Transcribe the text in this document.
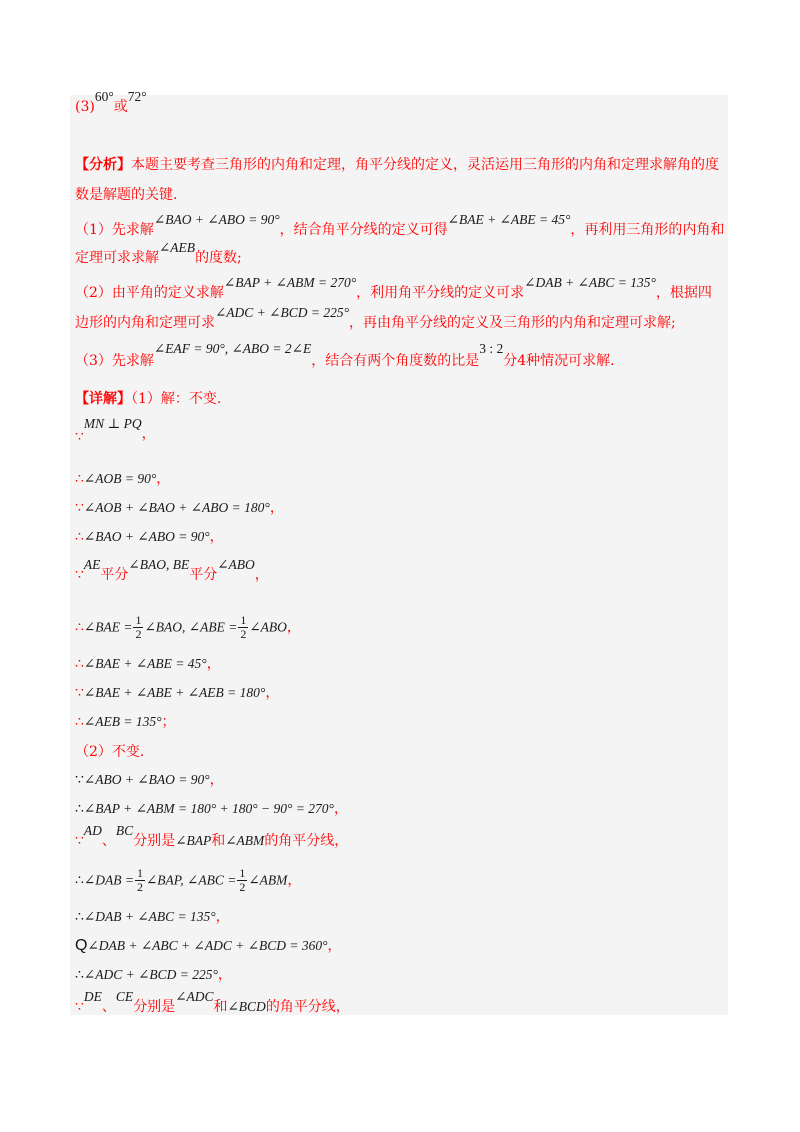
(3)60°或72°
【分析】本题主要考查三角形的内角和定理，角平分线的定义，灵活运用三角形的内角和定理求解角的度
数是解题的关键.
（1）先求解∠BAO + ∠ABO = 90°，结合角平分线的定义可得∠BAE + ∠ABE = 45°，再利用三角形的内角和
定理可求求解∠AEB的度数;
（2）由平角的定义求解∠BAP + ∠ABM = 270°，利用角平分线的定义可求∠DAB + ∠ABC = 135°，根据四
边形的内角和定理可求∠ADC + ∠BCD = 225°，再由角平分线的定义及三角形的内角和定理可求解;
（3）先求解∠EAF = 90°, ∠ABO = 2∠E，结合有两个角度数的比是3 : 2分4种情况可求解.
【详解】（1）解：不变.
∵MN ⊥ PQ，
∴∠AOB = 90°，
∵∠AOB + ∠BAO + ∠ABO = 180°，
∴∠BAO + ∠ABO = 90°，
∵AE平分∠BAO, BE平分∠ABO，
∴∠BAE = $\frac{1}{2}$ ∠BAO, ∠ABE = $\frac{1}{2}$ ∠ABO，
∴∠BAE + ∠ABE = 45°，
∵∠BAE + ∠ABE + ∠AEB = 180°，
∴∠AEB = 135°；
（2）不变.
∵∠ABO + ∠BAO = 90°，
∴∠BAP + ∠ABM = 180° + 180° − 90° = 270°，
∵AD、BC分别是∠BAP和∠ABM的角平分线，
∴∠DAB = $\frac{1}{2}$ ∠BAP, ∠ABC = $\frac{1}{2}$ ∠ABM，
∴∠DAB + ∠ABC = 135°，
Q∠DAB + ∠ABC + ∠ADC + ∠BCD = 360°，
∴∠ADC + ∠BCD = 225°，
∵DE、CE分别是∠ADC和∠BCD的角平分线，
